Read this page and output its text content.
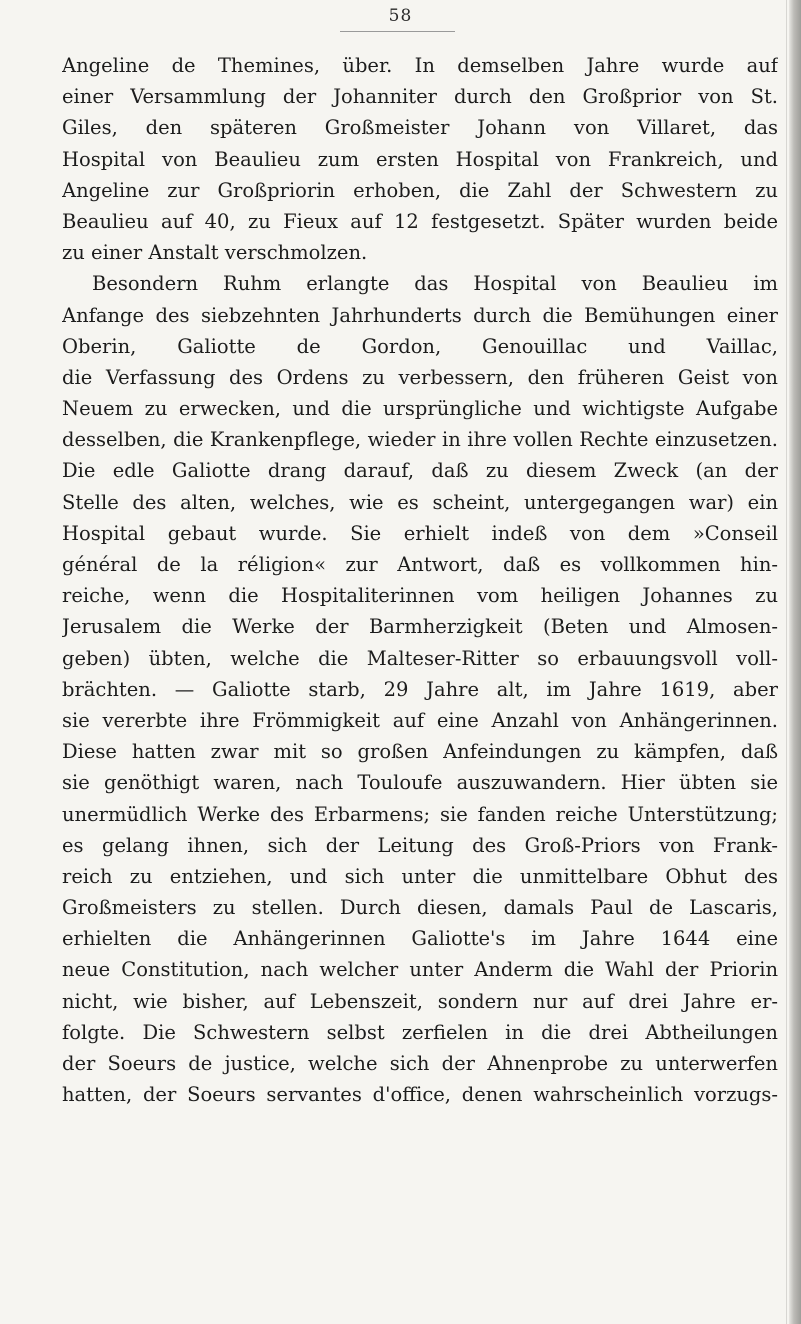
58
Angeline de Themines, über. In demselben Jahre wurde auf
einer Versammlung der Johanniter durch den Großprior von St.
Giles, den späteren Großmeister Johann von Villaret, das
Hospital von Beaulieu zum ersten Hospital von Frankreich, und
Angeline zur Großpriorin erhoben, die Zahl der Schwestern zu
Beaulieu auf 40, zu Fieux auf 12 festgesetzt. Später wurden beide
zu einer Anstalt verschmolzen.
Besondern Ruhm erlangte das Hospital von Beaulieu im
Anfange des siebzehnten Jahrhunderts durch die Bemühungen einer
Oberin, Galiotte de Gordon, Genouillac und Vaillac,
die Verfassung des Ordens zu verbessern, den früheren Geist von
Neuem zu erwecken, und die ursprüngliche und wichtigste Aufgabe
desselben, die Krankenpflege, wieder in ihre vollen Rechte einzusetzen.
Die edle Galiotte drang darauf, daß zu diesem Zweck (an der
Stelle des alten, welches, wie es scheint, untergegangen war) ein
Hospital gebaut wurde. Sie erhielt indeß von dem »Conseil
général de la réligion« zur Antwort, daß es vollkommen hin-
reiche, wenn die Hospitaliterinnen vom heiligen Johannes zu
Jerusalem die Werke der Barmherzigkeit (Beten und Almosen-
geben) übten, welche die Malteser-Ritter so erbauungsvoll voll-
brächten. — Galiotte starb, 29 Jahre alt, im Jahre 1619, aber
sie vererbte ihre Frömmigkeit auf eine Anzahl von Anhängerinnen.
Diese hatten zwar mit so großen Anfeindungen zu kämpfen, daß
sie genöthigt waren, nach Touloufe auszuwandern. Hier übten sie
unermüdlich Werke des Erbarmens; sie fanden reiche Unterstützung;
es gelang ihnen, sich der Leitung des Groß-Priors von Frank-
reich zu entziehen, und sich unter die unmittelbare Obhut des
Großmeisters zu stellen. Durch diesen, damals Paul de Lascaris,
erhielten die Anhängerinnen Galiotte's im Jahre 1644 eine
neue Constitution, nach welcher unter Anderm die Wahl der Priorin
nicht, wie bisher, auf Lebenszeit, sondern nur auf drei Jahre er-
folgte. Die Schwestern selbst zerfielen in die drei Abtheilungen
der Soeurs de justice, welche sich der Ahnenprobe zu unterwerfen
hatten, der Soeurs servantes d'office, denen wahrscheinlich vorzugs-
